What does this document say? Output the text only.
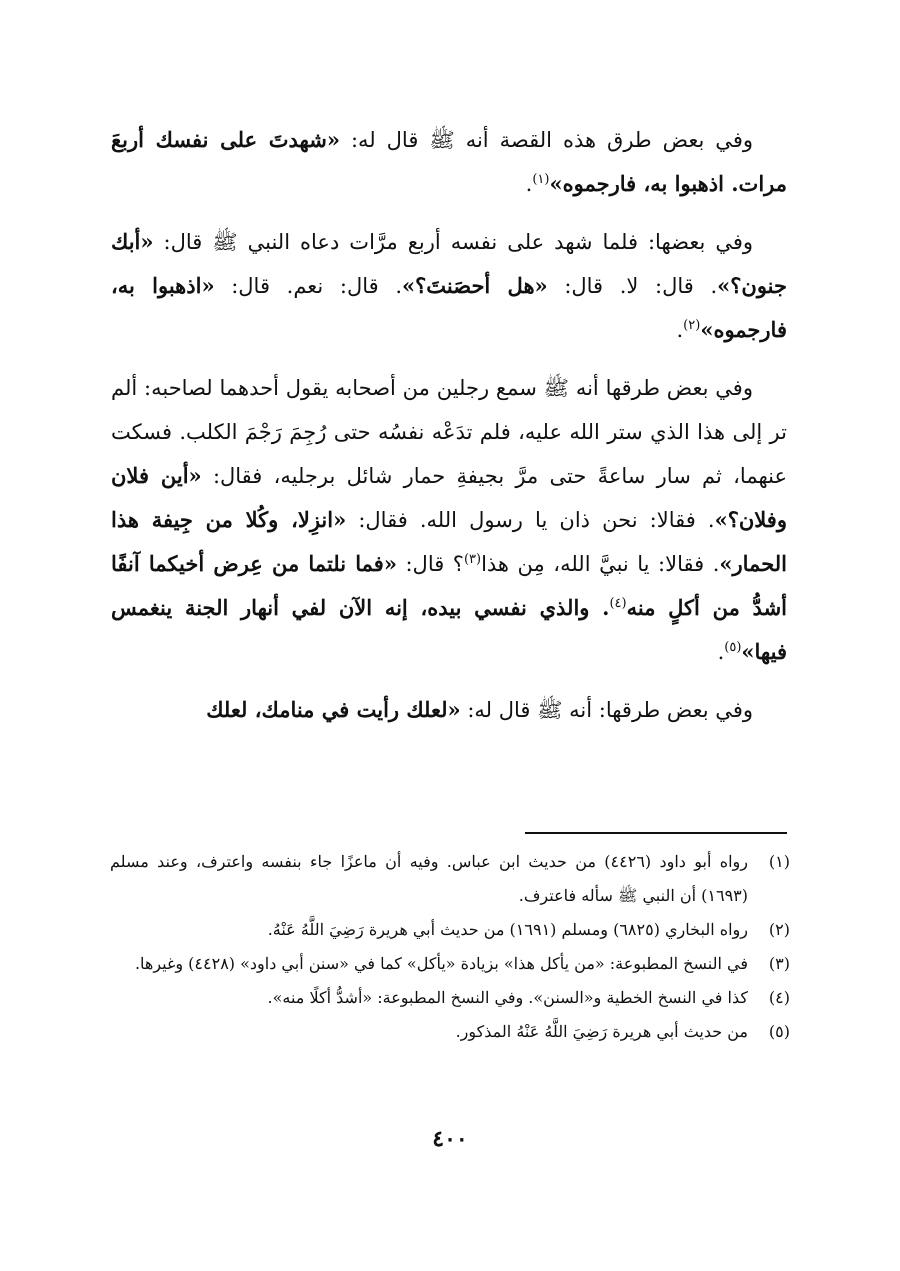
وفي بعض طرق هذه القصة أنه ﷺ قال له: «شهدتَ على نفسك أربعَ مرات. اذهبوا به، فارجموه»$^{(١)}$.

وفي بعضها: فلما شهد على نفسه أربع مرَّات دعاه النبي ﷺ قال: «أبك جنون؟». قال: لا. قال: «هل أحصَنتَ؟». قال: نعم. قال: «اذهبوا به، فارجموه»$^{(٢)}$.

وفي بعض طرقها أنه ﷺ سمع رجلين من أصحابه يقول أحدهما لصاحبه: ألم تر إلى هذا الذي ستر الله عليه، فلم تدَعْه نفسُه حتى رُجِمَ رَجْمَ الكلب. فسكت عنهما، ثم سار ساعةً حتى مرَّ بجيفةِ حمار شائل برجليه، فقال: «أين فلان وفلان؟». فقالا: نحن ذان يا رسول الله. فقال: «انزِلا، وكُلا من جِيفة هذا الحمار». فقالا: يا نبيَّ الله، مِن هذا$^{(٣)}$؟ قال: «فما نلتما من عِرض أخيكما آنفًا أشدُّ من أكلٍ منه$^{(٤)}$. والذي نفسي بيده، إنه الآن لفي أنهار الجنة ينغمس فيها»$^{(٥)}$.

وفي بعض طرقها: أنه ﷺ قال له: «لعلك رأيت في منامك، لعلك

(١)
رواه أبو داود (٤٤٢٦) من حديث ابن عباس. وفيه أن ماعزًا جاء بنفسه واعترف، وعند مسلم (١٦٩٣) أن النبي ﷺ سأله فاعترف.
(٢)
رواه البخاري (٦٨٢٥) ومسلم (١٦٩١) من حديث أبي هريرة رَضِيَ اللَّهُ عَنْهُ.
(٣)
في النسخ المطبوعة: «من يأكل هذا» بزيادة «يأكل» كما في «سنن أبي داود» (٤٤٢٨) وغيرها.
(٤)
كذا في النسخ الخطية و«السنن». وفي النسخ المطبوعة: «أشدُّ أكلًا منه».
(٥)
من حديث أبي هريرة رَضِيَ اللَّهُ عَنْهُ المذكور.
٤٠٠
